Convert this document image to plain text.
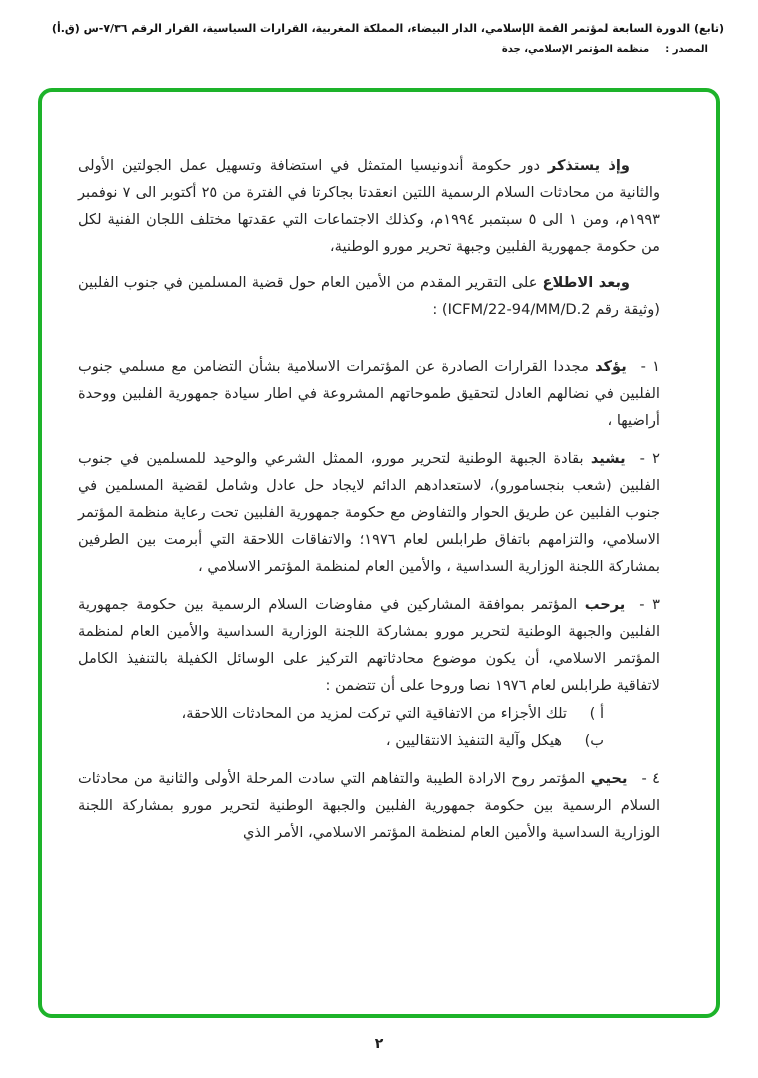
(تابع) الدورة السابعة لمؤتمر القمة الإسلامي، الدار البيضاء، المملكة المغربية، القرارات السياسية، القرار الرقم ٧/٣٦-س (ق.أ)
المصدر :منظمة المؤتمر الإسلامي، جدة

وإذ يستذكر دور حكومة أندونيسيا المتمثل في استضافة وتسهيل عمل الجولتين الأولى والثانية من محادثات السلام الرسمية اللتين انعقدتا بجاكرتا في الفترة من ٢٥ أكتوبر الى ٧ نوفمبر ١٩٩٣م، ومن ١ الى ٥ سبتمبر ١٩٩٤م، وكذلك الاجتماعات التي عقدتها مختلف اللجان الفنية لكل من حكومة جمهورية الفلبين وجبهة تحرير مورو الوطنية،

وبعد الاطلاع على التقرير المقدم من الأمين العام حول قضية المسلمين في جنوب الفلبين (وثيقة رقم ICFM/22-94/MM/D.2) :

١ -يؤكد مجددا القرارات الصادرة عن المؤتمرات الاسلامية بشأن التضامن مع مسلمي جنوب الفلبين في نضالهم العادل لتحقيق طموحاتهم المشروعة في اطار سيادة جمهورية الفلبين ووحدة أراضيها ،

٢ -يشيد بقادة الجبهة الوطنية لتحرير مورو، الممثل الشرعي والوحيد للمسلمين في جنوب الفلبين (شعب بنجسامورو)، لاستعدادهم الدائم لايجاد حل عادل وشامل لقضية المسلمين في جنوب الفلبين عن طريق الحوار والتفاوض مع حكومة جمهورية الفلبين تحت رعاية منظمة المؤتمر الاسلامي، والتزامهم باتفاق طرابلس لعام ١٩٧٦؛ والاتفاقات اللاحقة التي أبرمت بين الطرفين بمشاركة اللجنة الوزارية السداسية ، والأمين العام لمنظمة المؤتمر الاسلامي ،

٣ -يرحب المؤتمر بموافقة المشاركين في مفاوضات السلام الرسمية بين حكومة جمهورية الفلبين والجبهة الوطنية لتحرير مورو بمشاركة اللجنة الوزارية السداسية والأمين العام لمنظمة المؤتمر الاسلامي، أن يكون موضوع محادثاتهم التركيز على الوسائل الكفيلة بالتنفيذ الكامل لاتفاقية طرابلس لعام ١٩٧٦ نصا وروحا على أن تتضمن :

أ ) تلك الأجزاء من الاتفاقية التي تركت لمزيد من المحادثات اللاحقة،

ب) هيكل وآلية التنفيذ الانتقاليين ،

٤ -يحيي المؤتمر روح الارادة الطيبة والتفاهم التي سادت المرحلة الأولى والثانية من محادثات السلام الرسمية بين حكومة جمهورية الفلبين والجبهة الوطنية لتحرير مورو بمشاركة اللجنة الوزارية السداسية والأمين العام لمنظمة المؤتمر الاسلامي، الأمر الذي

٢
